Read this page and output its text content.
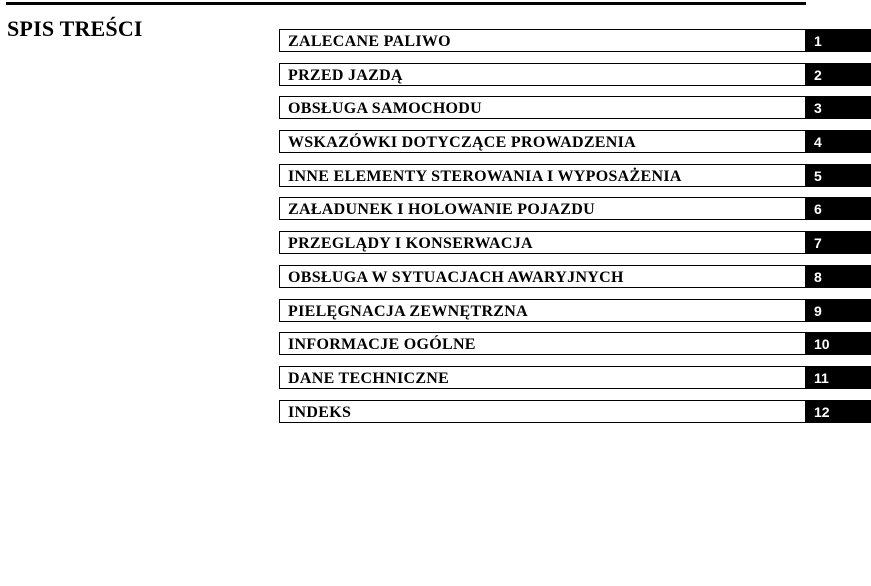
SPIS TREŚCI
ZALECANE PALIWO	1
PRZED JAZDĄ	2
OBSŁUGA SAMOCHODU	3
WSKAZÓWKI DOTYCZĄCE PROWADZENIA	4
INNE ELEMENTY STEROWANIA I WYPOSAŻENIA	5
ZAŁADUNEK I HOLOWANIE POJAZDU	6
PRZEGLĄDY I KONSERWACJA	7
OBSŁUGA W SYTUACJACH AWARYJNYCH	8
PIELĘGNACJA ZEWNĘTRZNA	9
INFORMACJE OGÓLNE	10
DANE TECHNICZNE	11
INDEKS	12
